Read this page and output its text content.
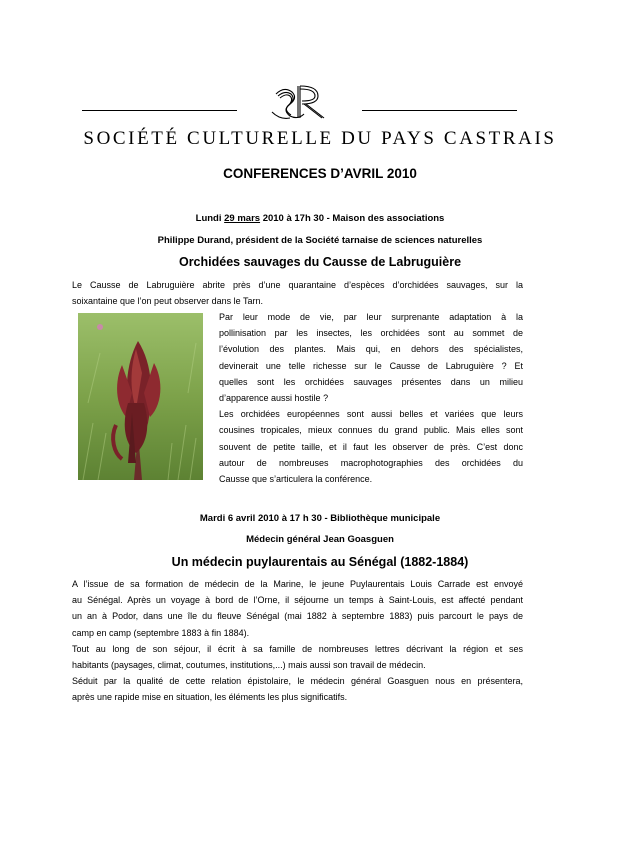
SOCIÉTÉ CULTURELLE DU PAYS CASTRAIS
CONFERENCES D’AVRIL 2010
Lundi 29 mars 2010 à 17h 30 - Maison des associations
Philippe Durand, président de la Société tarnaise de sciences naturelles
Orchidées sauvages du Causse de Labruguière
Le Causse de Labruguière abrite près d’une quarantaine d’espèces d’orchidées sauvages, sur la
soixantaine que l’on peut observer dans le Tarn.
Par leur mode de vie, par leur surprenante adaptation à la
pollinisation par les insectes, les orchidées sont au sommet de
l’évolution des plantes. Mais qui, en dehors des spécialistes,
devinerait une telle richesse sur le Causse de Labruguière ? Et
quelles sont les orchidées sauvages présentes dans un milieu
d’apparence aussi hostile ?
Les orchidées européennes sont aussi belles et variées que leurs
cousines tropicales, mieux connues du grand public. Mais elles sont
souvent de petite taille, et il faut les observer de près. C’est donc
autour de nombreuses macrophotographies des orchidées du
Causse que s’articulera la conférence.
Mardi 6 avril 2010 à 17 h 30 - Bibliothèque municipale
Médecin général Jean Goasguen
Un médecin puylaurentais au Sénégal (1882-1884)
A l’issue de sa formation de médecin de la Marine, le jeune Puylaurentais Louis Carrade est envoyé
au Sénégal. Après un voyage à bord de l’Orne, il séjourne un temps à Saint-Louis, est affecté pendant
un an à Podor, dans une île du fleuve Sénégal (mai 1882 à septembre 1883) puis parcourt le pays de
camp en camp (septembre 1883 à fin 1884).
Tout au long de son séjour, il écrit à sa famille de nombreuses lettres décrivant la région et ses
habitants (paysages, climat, coutumes, institutions,...) mais aussi son travail de médecin.
Séduit par la qualité de cette relation épistolaire, le médecin général Goasguen nous en présentera,
après une rapide mise en situation, les éléments les plus significatifs.
